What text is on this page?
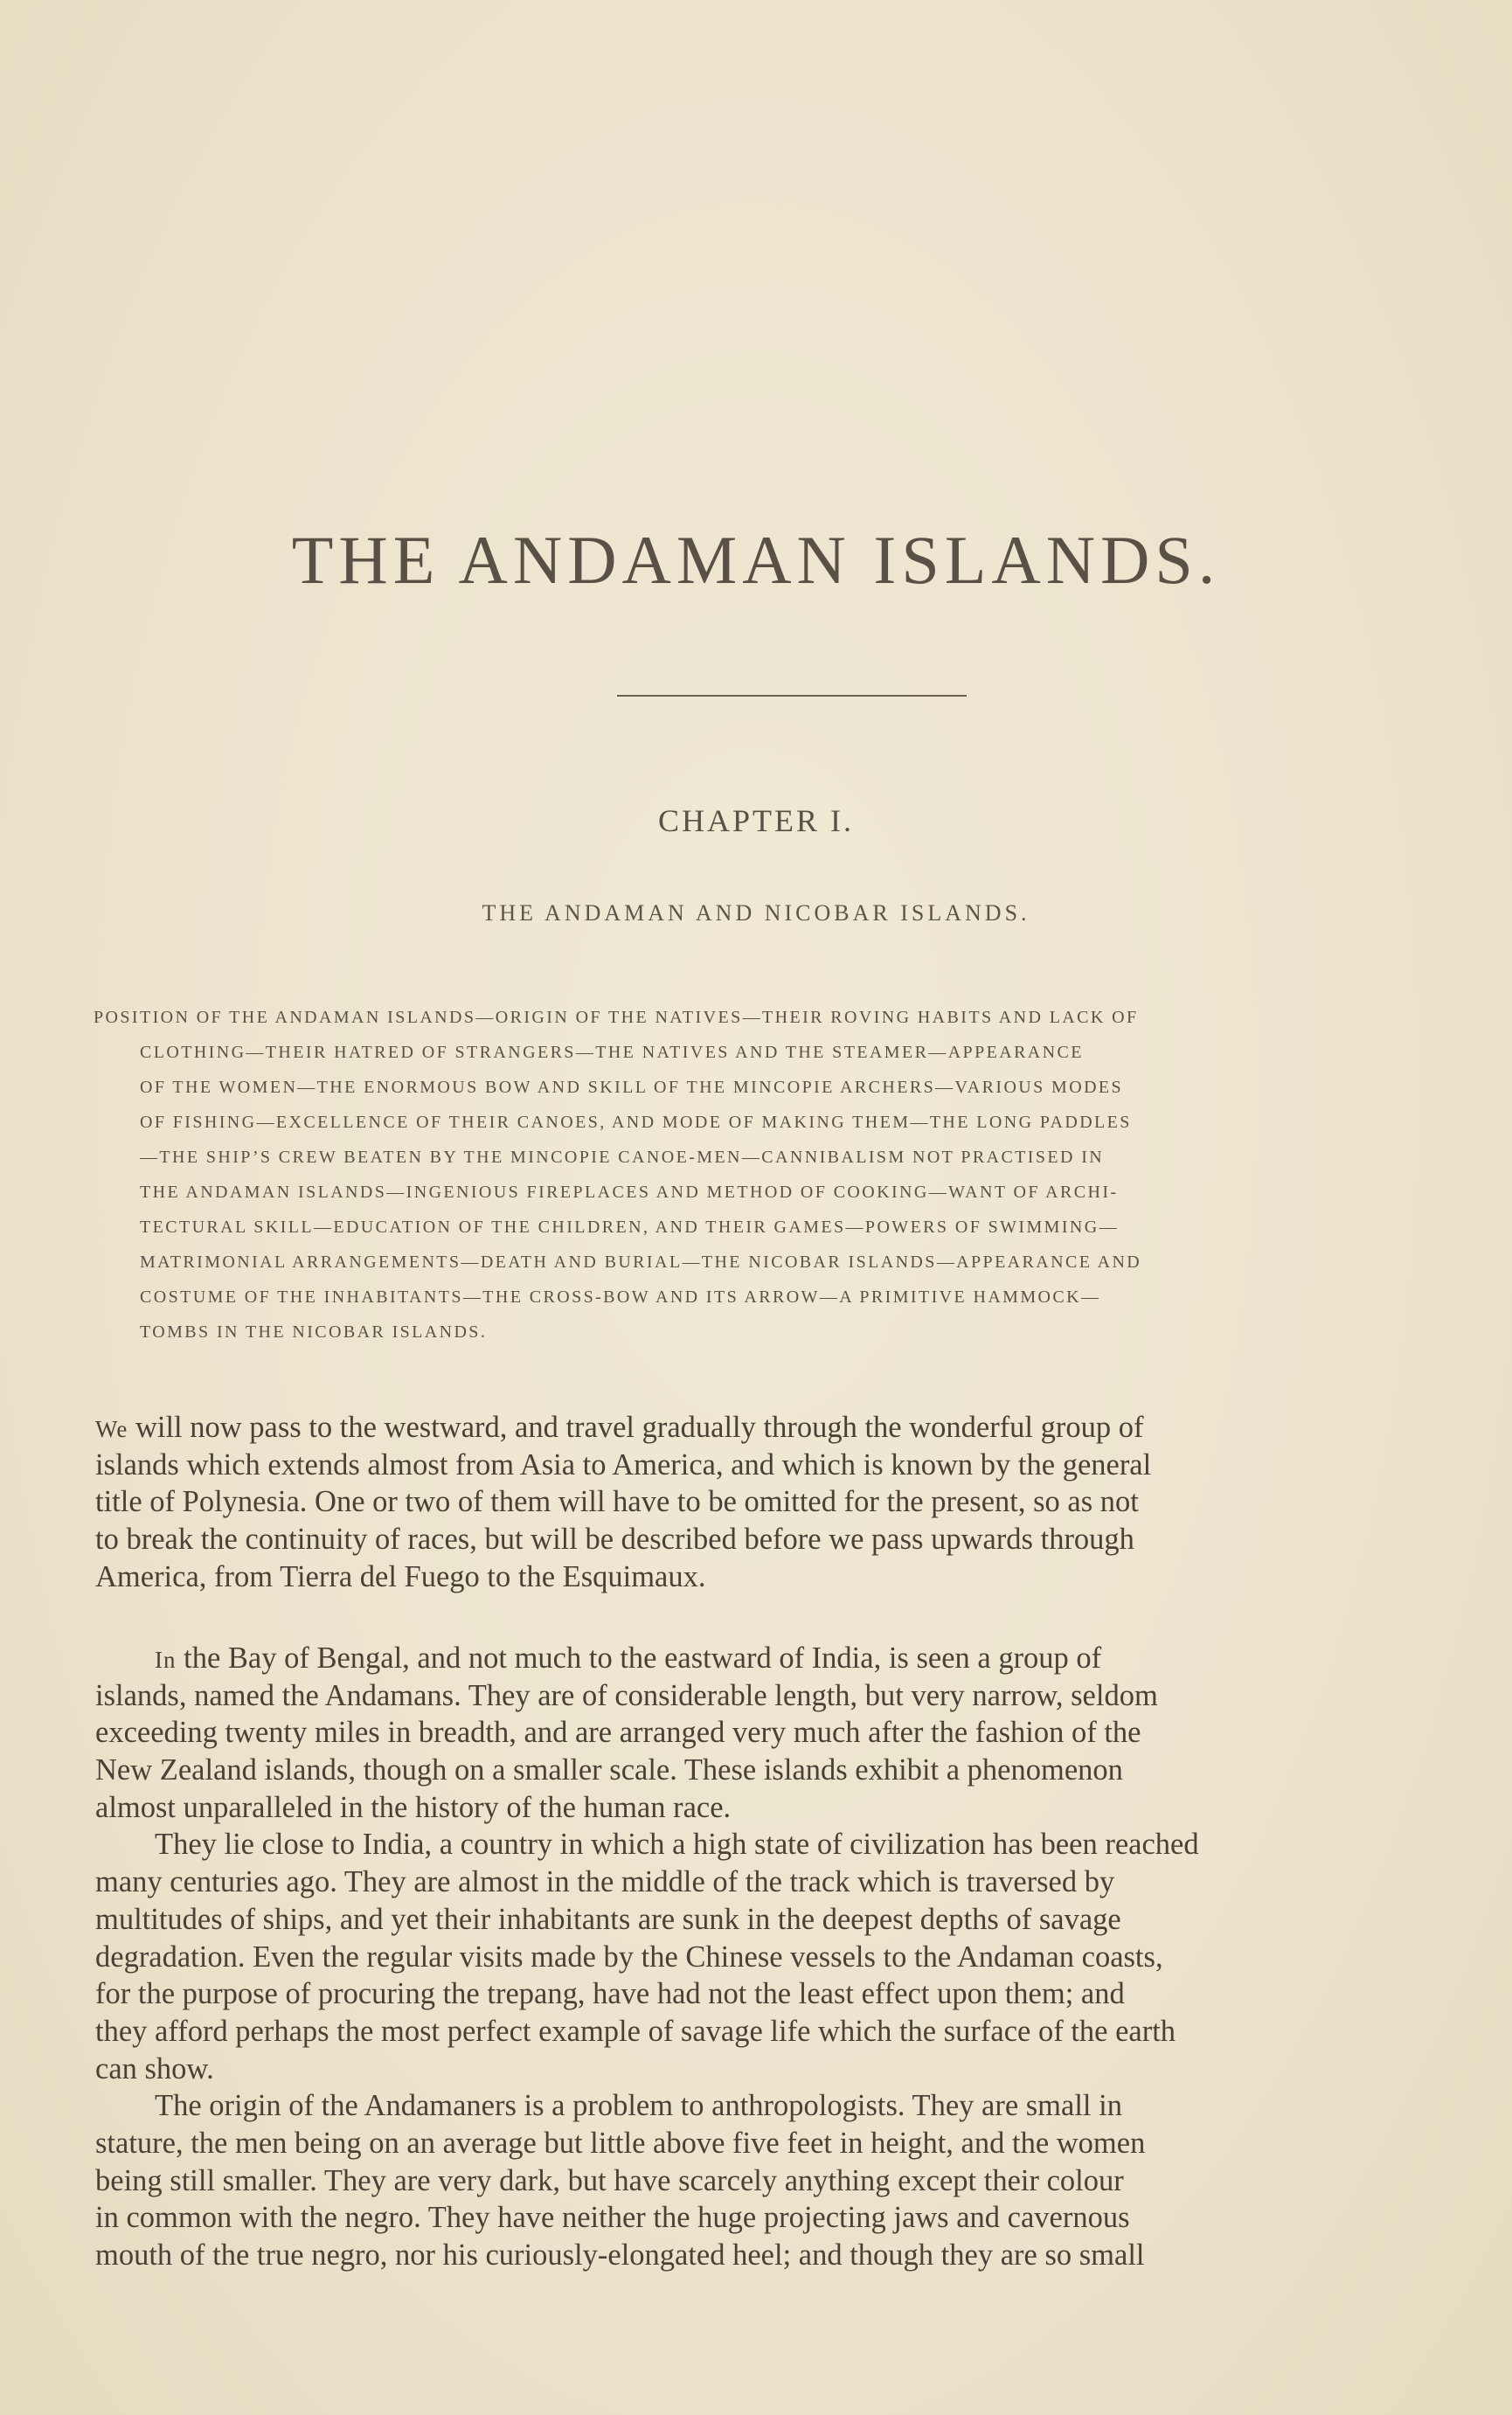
THE ANDAMAN ISLANDS.
CHAPTER I.
THE ANDAMAN AND NICOBAR ISLANDS.
POSITION OF THE ANDAMAN ISLANDS—ORIGIN OF THE NATIVES—THEIR ROVING HABITS AND LACK OF
CLOTHING—THEIR HATRED OF STRANGERS—THE NATIVES AND THE STEAMER—APPEARANCE
OF THE WOMEN—THE ENORMOUS BOW AND SKILL OF THE MINCOPIE ARCHERS—VARIOUS MODES
OF FISHING—EXCELLENCE OF THEIR CANOES, AND MODE OF MAKING THEM—THE LONG PADDLES
—THE SHIP’S CREW BEATEN BY THE MINCOPIE CANOE-MEN—CANNIBALISM NOT PRACTISED IN
THE ANDAMAN ISLANDS—INGENIOUS FIREPLACES AND METHOD OF COOKING—WANT OF ARCHI-
TECTURAL SKILL—EDUCATION OF THE CHILDREN, AND THEIR GAMES—POWERS OF SWIMMING—
MATRIMONIAL ARRANGEMENTS—DEATH AND BURIAL—THE NICOBAR ISLANDS—APPEARANCE AND
COSTUME OF THE INHABITANTS—THE CROSS-BOW AND ITS ARROW—A PRIMITIVE HAMMOCK—
TOMBS IN THE NICOBAR ISLANDS.
We will now pass to the westward, and travel gradually through the wonderful group of
islands which extends almost from Asia to America, and which is known by the general
title of Polynesia. One or two of them will have to be omitted for the present, so as not
to break the continuity of races, but will be described before we pass upwards through
America, from Tierra del Fuego to the Esquimaux.
In the Bay of Bengal, and not much to the eastward of India, is seen a group of
islands, named the Andamans. They are of considerable length, but very narrow, seldom
exceeding twenty miles in breadth, and are arranged very much after the fashion of the
New Zealand islands, though on a smaller scale. These islands exhibit a phenomenon
almost unparalleled in the history of the human race.
They lie close to India, a country in which a high state of civilization has been reached
many centuries ago. They are almost in the middle of the track which is traversed by
multitudes of ships, and yet their inhabitants are sunk in the deepest depths of savage
degradation. Even the regular visits made by the Chinese vessels to the Andaman coasts,
for the purpose of procuring the trepang, have had not the least effect upon them; and
they afford perhaps the most perfect example of savage life which the surface of the earth
can show.
The origin of the Andamaners is a problem to anthropologists. They are small in
stature, the men being on an average but little above five feet in height, and the women
being still smaller. They are very dark, but have scarcely anything except their colour
in common with the negro. They have neither the huge projecting jaws and cavernous
mouth of the true negro, nor his curiously-elongated heel; and though they are so small
